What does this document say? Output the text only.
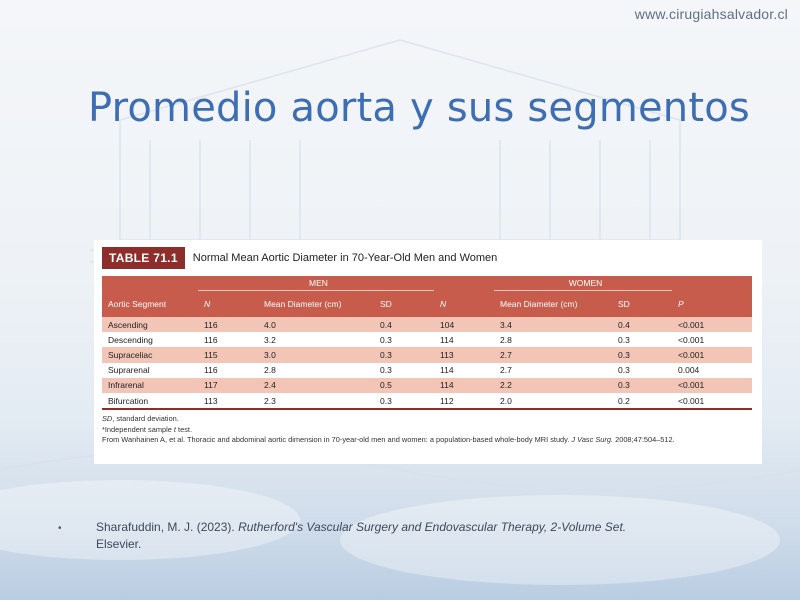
www.cirugiahsalvador.cl
Promedio aorta y sus segmentos
TABLE 71.1	Normal Mean Aortic Diameter in 70-Year-Old Men and Women
	MEN				WOMEN		
Aortic Segment	N	Mean Diameter (cm)	SD	N	Mean Diameter (cm)	SD	P
Ascending	116	4.0	0.4	104	3.4	0.4	<0.001
Descending	116	3.2	0.3	114	2.8	0.3	<0.001
Supraceliac	115	3.0	0.3	113	2.7	0.3	<0.001
Suprarenal	116	2.8	0.3	114	2.7	0.3	0.004
Infrarenal	117	2.4	0.5	114	2.2	0.3	<0.001
Bifurcation	113	2.3	0.3	112	2.0	0.2	<0.001
SD, standard deviation.
*Independent sample t test.
From Wanhainen A, et al. Thoracic and abdominal aortic dimension in 70-year-old men and women: a population-based whole-body MRI study. J Vasc Surg. 2008;47:504–512.
•	Sharafuddin, M. J. (2023). Rutherford's Vascular Surgery and Endovascular Therapy, 2-Volume Set. Elsevier.
